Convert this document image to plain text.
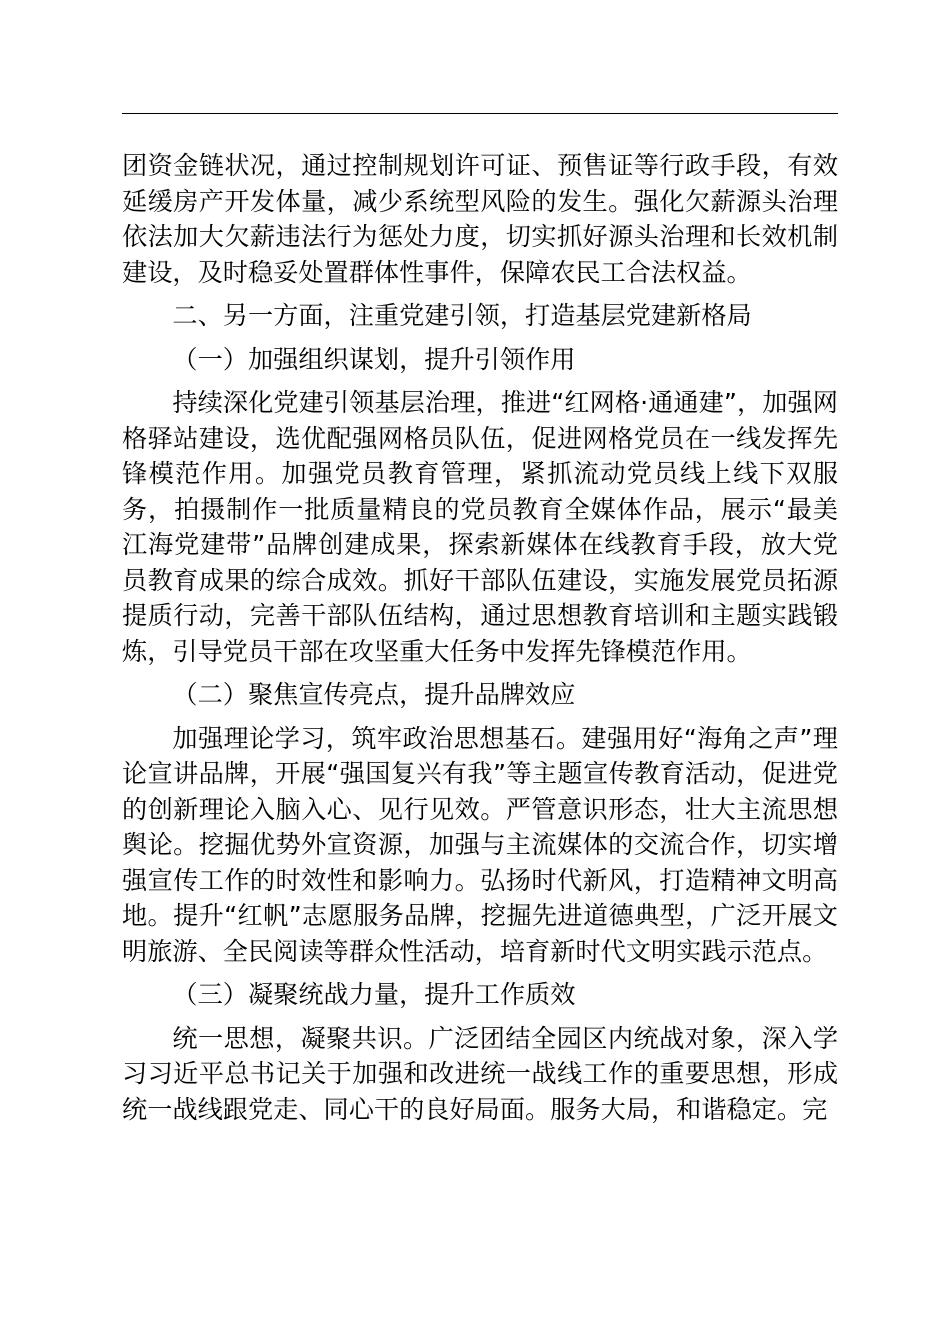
团资金链状况，通过控制规划许可证、预售证等行政手段，有效延缓房产开发体量，减少系统型风险的发生。强化欠薪源头治理依法加大欠薪违法行为惩处力度，切实抓好源头治理和长效机制建设，及时稳妥处置群体性事件，保障农民工合法权益。

二、另一方面，注重党建引领，打造基层党建新格局

（一）加强组织谋划，提升引领作用

持续深化党建引领基层治理，推进“红网格·通通建”，加强网格驿站建设，选优配强网格员队伍，促进网格党员在一线发挥先锋模范作用。加强党员教育管理，紧抓流动党员线上线下双服务，拍摄制作一批质量精良的党员教育全媒体作品，展示“最美江海党建带”品牌创建成果，探索新媒体在线教育手段，放大党员教育成果的综合成效。抓好干部队伍建设，实施发展党员拓源提质行动，完善干部队伍结构，通过思想教育培训和主题实践锻炼，引导党员干部在攻坚重大任务中发挥先锋模范作用。

（二）聚焦宣传亮点，提升品牌效应

加强理论学习，筑牢政治思想基石。建强用好“海角之声”理论宣讲品牌，开展“强国复兴有我”等主题宣传教育活动，促进党的创新理论入脑入心、见行见效。严管意识形态，壮大主流思想舆论。挖掘优势外宣资源，加强与主流媒体的交流合作，切实增强宣传工作的时效性和影响力。弘扬时代新风，打造精神文明高地。提升“红帆”志愿服务品牌，挖掘先进道德典型，广泛开展文明旅游、全民阅读等群众性活动，培育新时代文明实践示范点。

（三）凝聚统战力量，提升工作质效

统一思想，凝聚共识。广泛团结全园区内统战对象，深入学习习近平总书记关于加强和改进统一战线工作的重要思想，形成统一战线跟党走、同心干的良好局面。服务大局，和谐稳定。完
